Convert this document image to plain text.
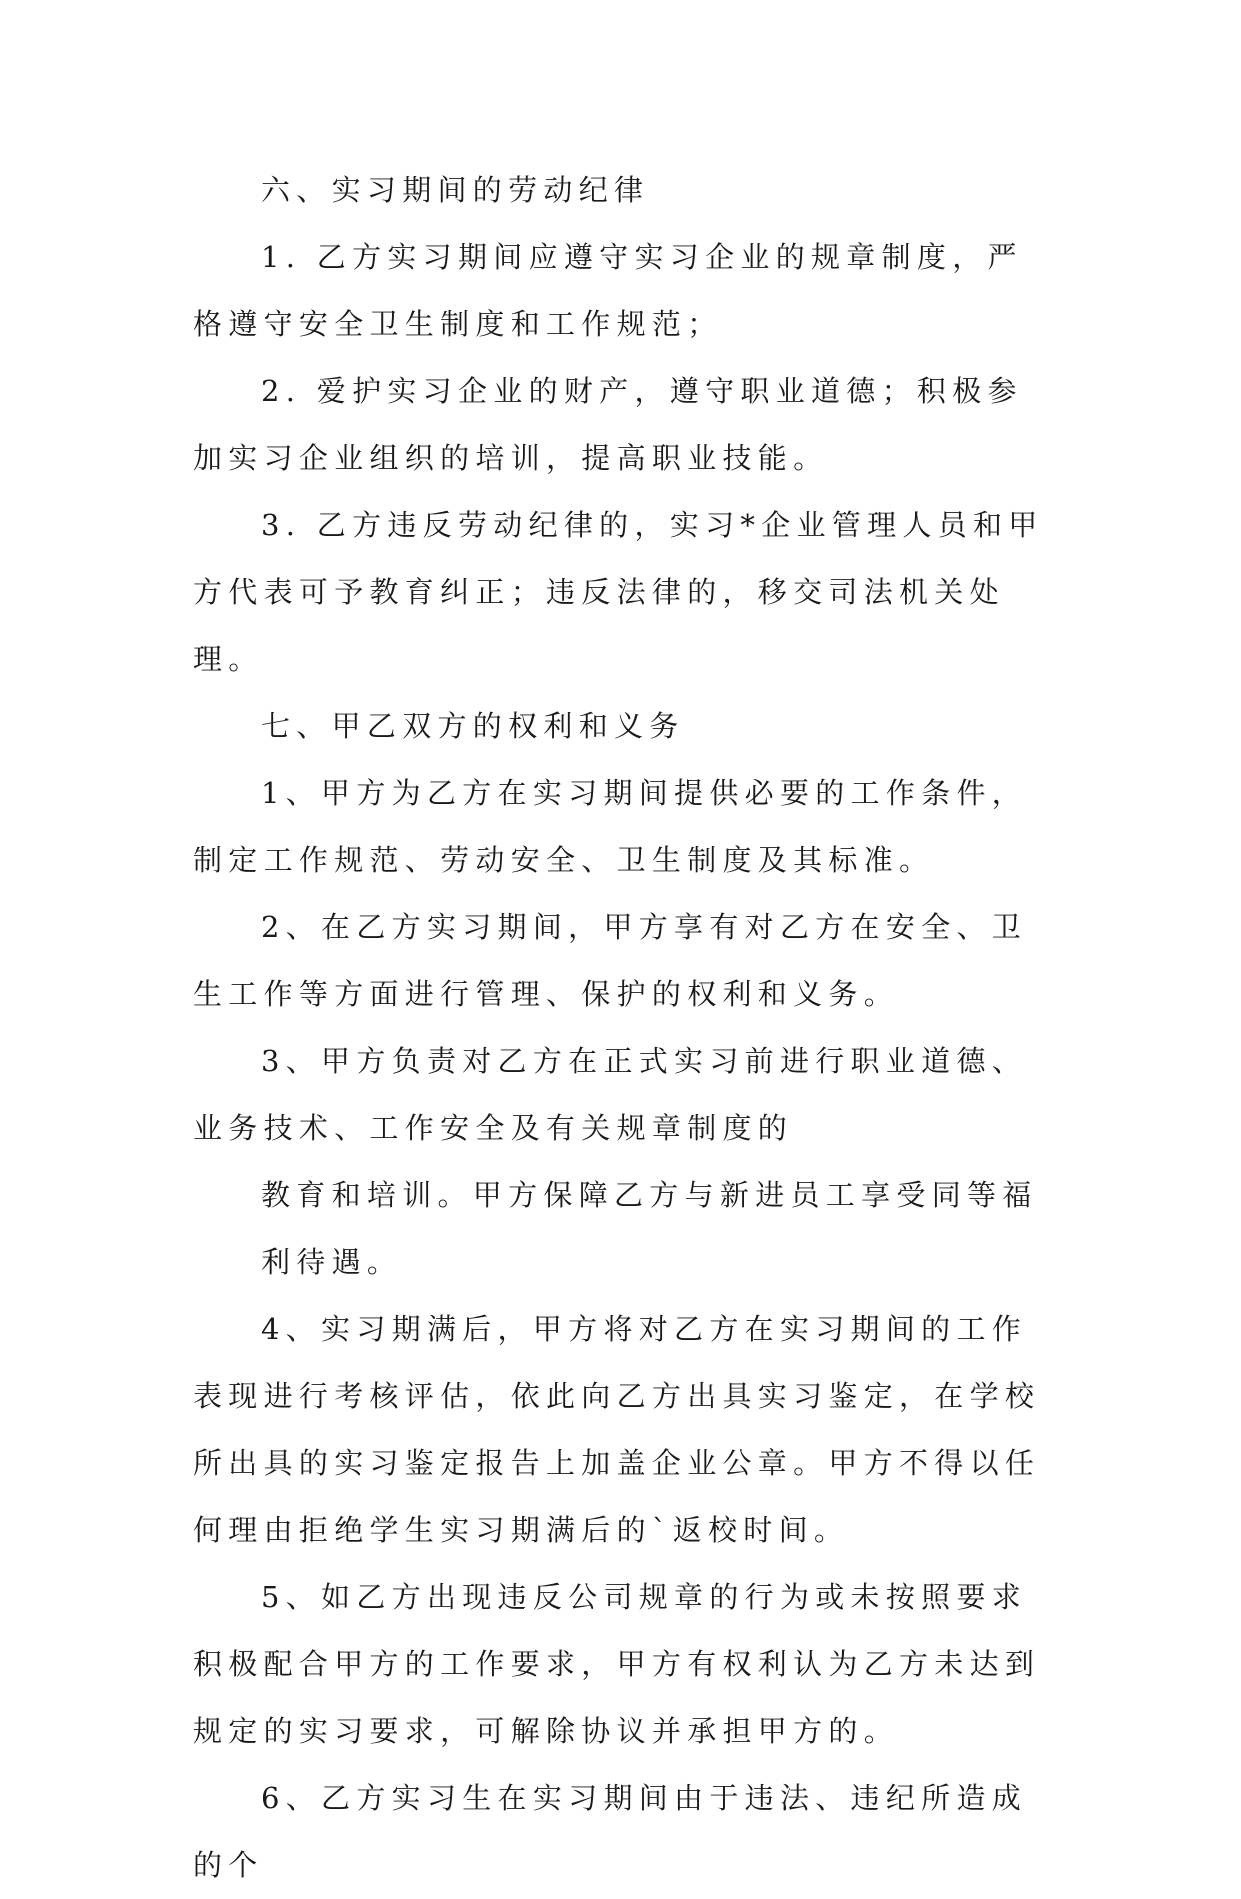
六、实习期间的劳动纪律

1. 乙方实习期间应遵守实习企业的规章制度，严格遵守安全卫生制度和工作规范；

2. 爱护实习企业的财产，遵守职业道德；积极参加实习企业组织的培训，提高职业技能。

3. 乙方违反劳动纪律的，实习*企业管理人员和甲方代表可予教育纠正；违反法律的，移交司法机关处理。

七、甲乙双方的权利和义务

1、甲方为乙方在实习期间提供必要的工作条件，制定工作规范、劳动安全、卫生制度及其标准。

2、在乙方实习期间，甲方享有对乙方在安全、卫生工作等方面进行管理、保护的权利和义务。

3、甲方负责对乙方在正式实习前进行职业道德、业务技术、工作安全及有关规章制度的

教育和培训。甲方保障乙方与新进员工享受同等福利待遇。

4、实习期满后，甲方将对乙方在实习期间的工作表现进行考核评估，依此向乙方出具实习鉴定，在学校所出具的实习鉴定报告上加盖企业公章。甲方不得以任何理由拒绝学生实习期满后的`返校时间。

5、如乙方出现违反公司规章的行为或未按照要求积极配合甲方的工作要求，甲方有权利认为乙方未达到规定的实习要求，可解除协议并承担甲方的。

6、乙方实习生在实习期间由于违法、违纪所造成的个
